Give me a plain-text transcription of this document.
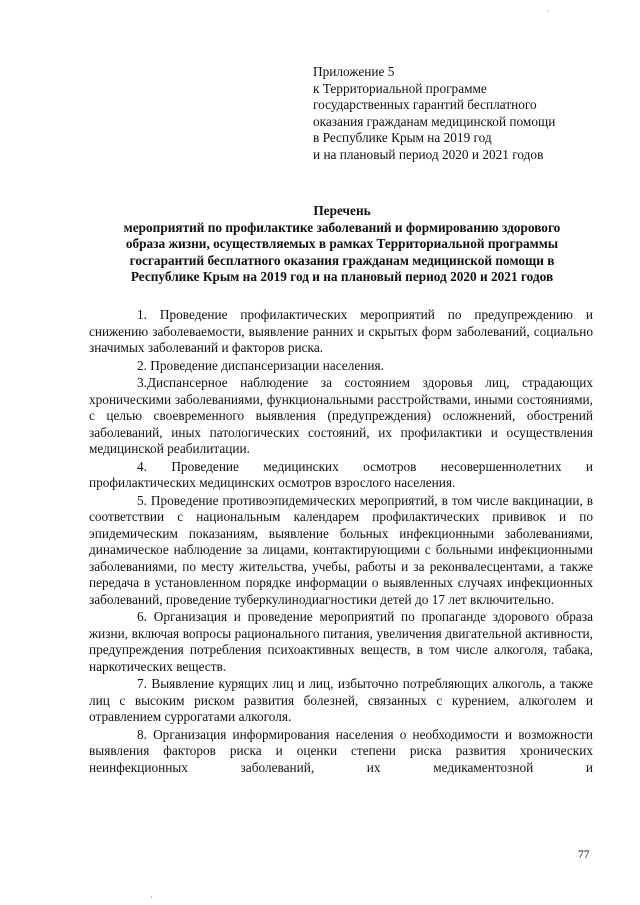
Приложение 5
к Территориальной программе
государственных гарантий бесплатного
оказания гражданам медицинской помощи
в Республике Крым на 2019 год
и на плановый период 2020 и 2021 годов
Перечень
мероприятий по профилактике заболеваний и формированию здорового
образа жизни, осуществляемых в рамках Территориальной программы
госгарантий бесплатного оказания гражданам медицинской помощи в
Республике Крым на 2019 год и на плановый период 2020 и 2021 годов

1. Проведение профилактических мероприятий по предупреждению и снижению заболеваемости, выявление ранних и скрытых форм заболеваний, социально значимых заболеваний и факторов риска.

2. Проведение диспансеризации населения.

3.Диспансерное наблюдение за состоянием здоровья лиц, страдающих хроническими заболеваниями, функциональными расстройствами, иными состояниями, с целью своевременного выявления (предупреждения) осложнений, обострений заболеваний, иных патологических состояний, их профилактики и осуществления медицинской реабилитации.

4. Проведение медицинских осмотров несовершеннолетних и профилактических медицинских осмотров взрослого населения.

5. Проведение противоэпидемических мероприятий, в том числе вакцинации, в соответствии с национальным календарем профилактических прививок и по эпидемическим показаниям, выявление больных инфекционными заболеваниями, динамическое наблюдение за лицами, контактирующими с больными инфекционными заболеваниями, по месту жительства, учебы, работы и за реконвалесцентами, а также передача в установленном порядке информации о выявленных случаях инфекционных заболеваний, проведение туберкулинодиагностики детей до 17 лет включительно.

6. Организация и проведение мероприятий по пропаганде здорового образа жизни, включая вопросы рационального питания, увеличения двигательной активности, предупреждения потребления психоактивных веществ, в том числе алкоголя, табака, наркотических веществ.

7. Выявление курящих лиц и лиц, избыточно потребляющих алкоголь, а также лиц с высоким риском развития болезней, связанных с курением, алкоголем и отравлением суррогатами алкоголя.

8. Организация информирования населения о необходимости и возможности выявления факторов риска и оценки степени риска развития хронических неинфекционных заболеваний, их медикаментозной и

77
·
·
